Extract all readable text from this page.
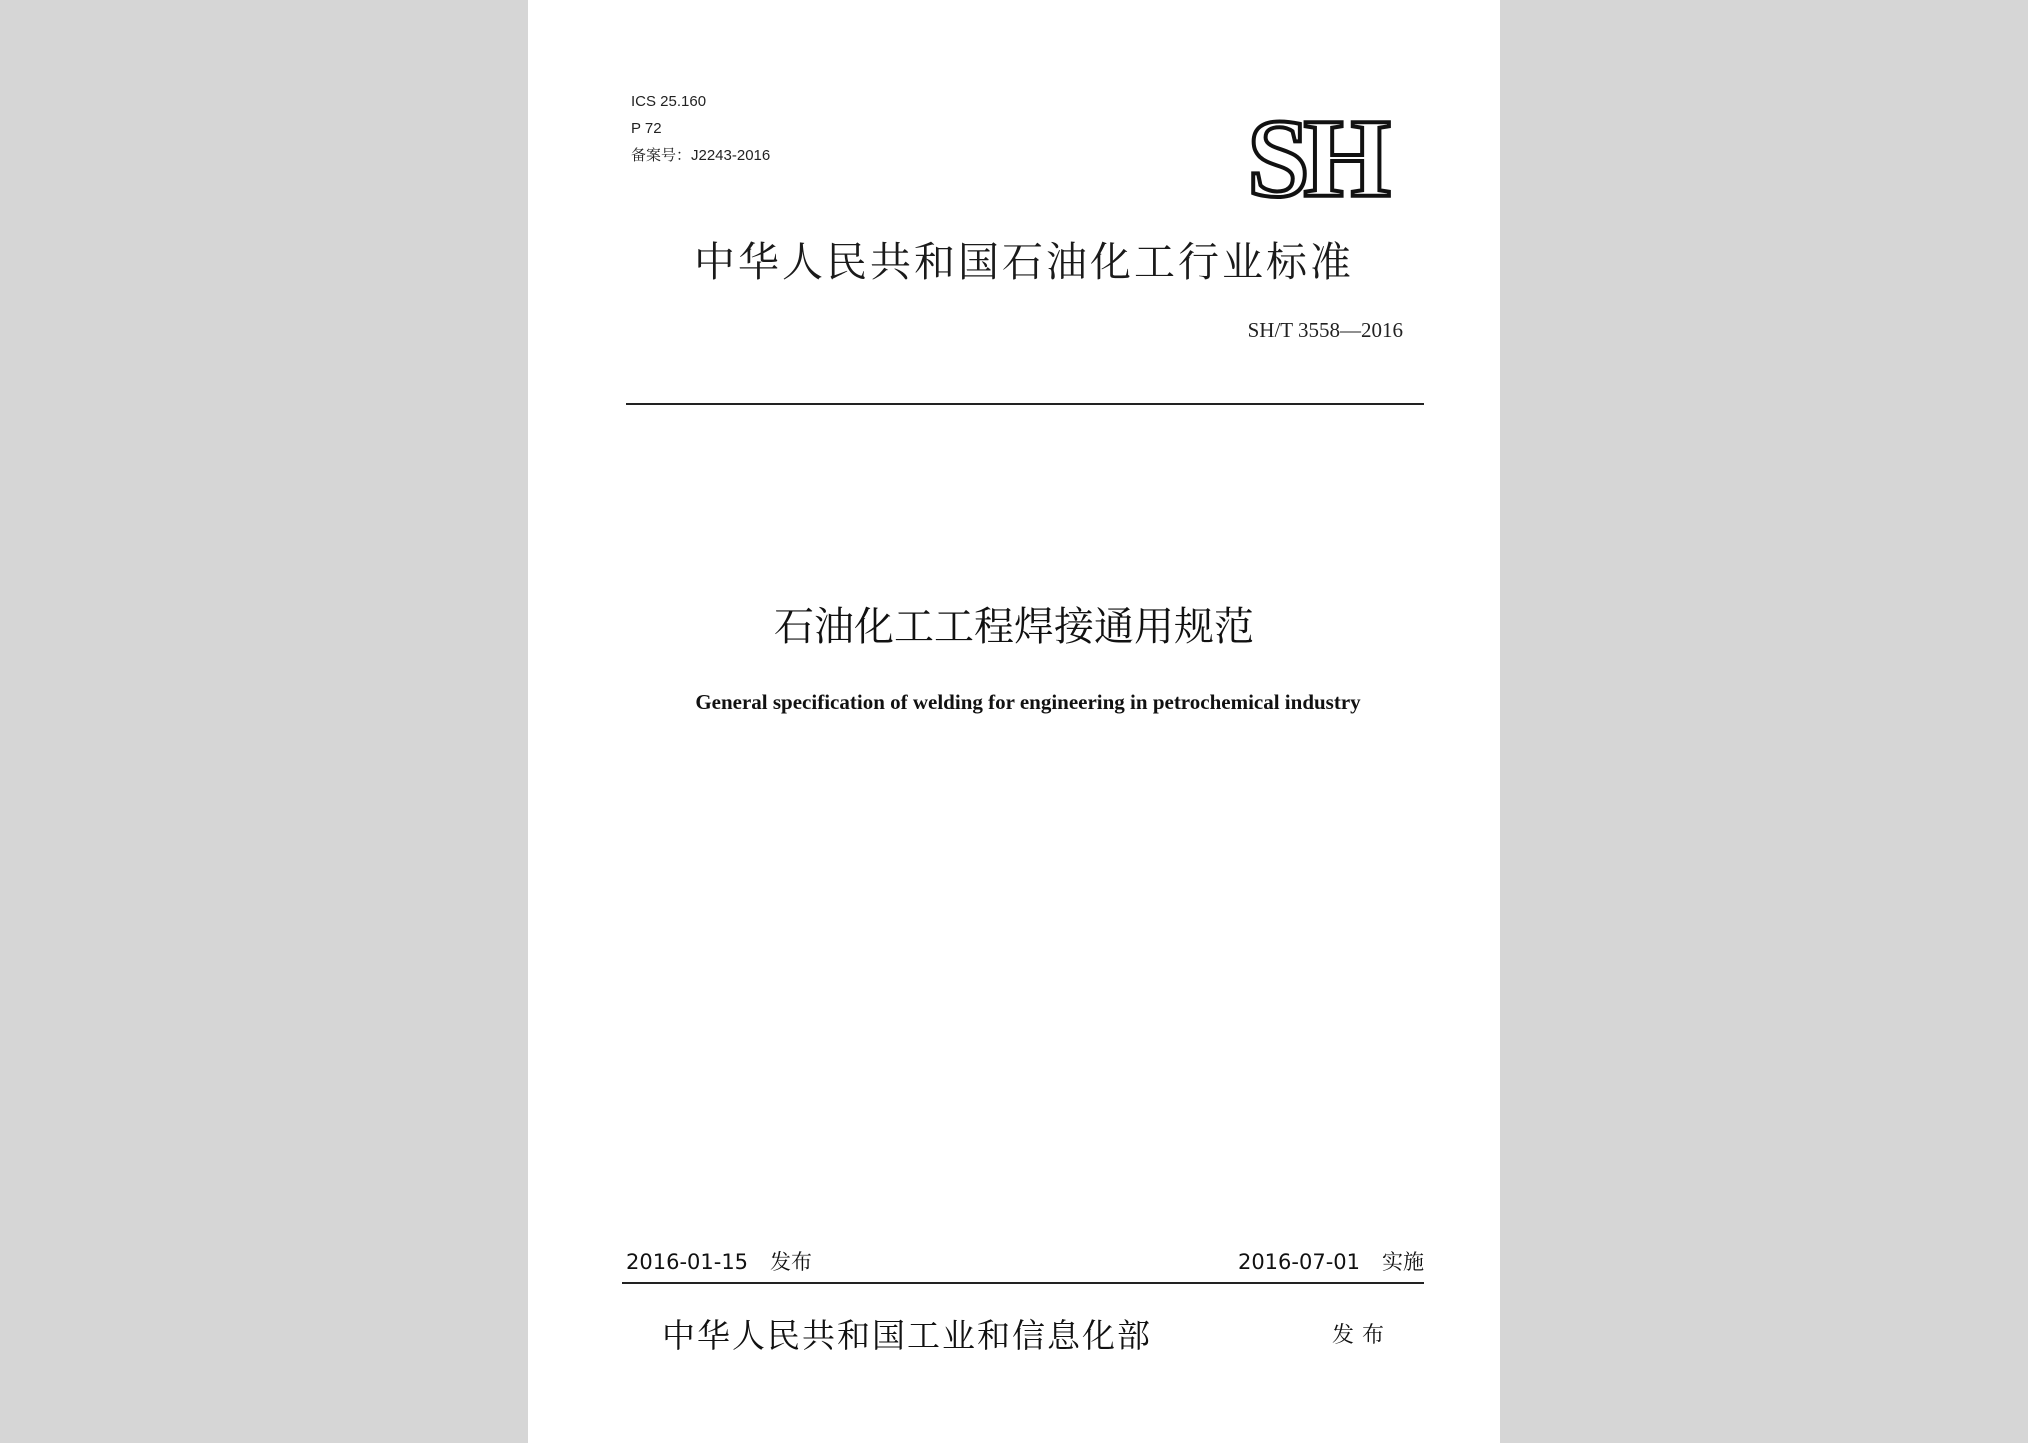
ICS 25.160
P 72
备案号：J2243-2016	SH
中华人民共和国石油化工行业标准
SH/T 3558—2016
石油化工工程焊接通用规范
General specification of welding for engineering in petrochemical industry
2016-01-15 发布	2016-07-01 实施
中华人民共和国工业和信息化部	发布
